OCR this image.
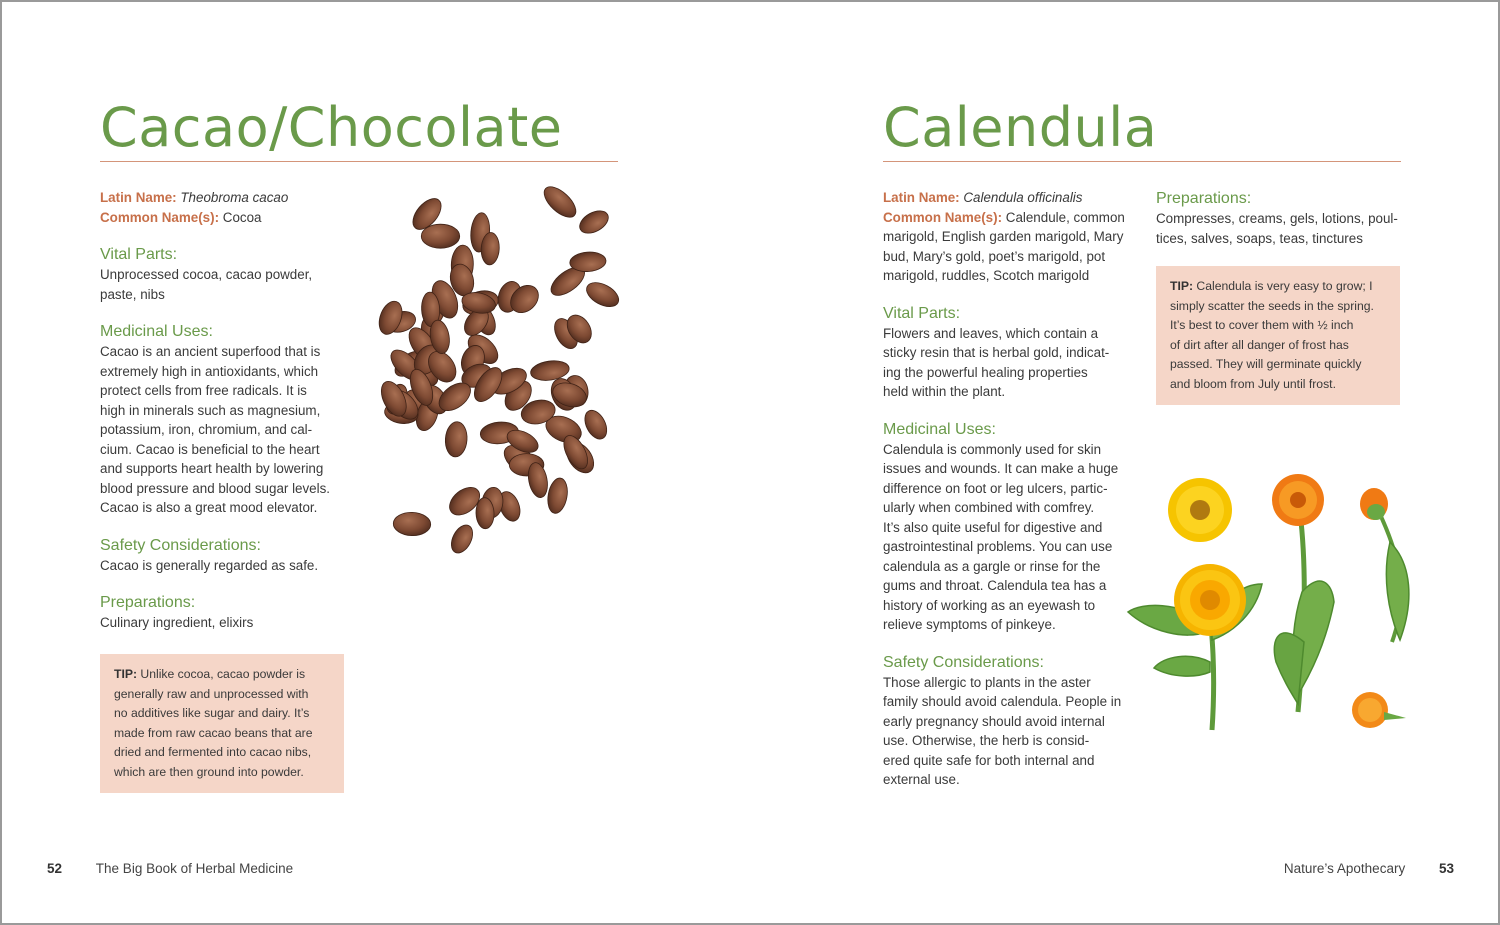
Cacao/Chocolate

Latin Name: Theobroma cacao

Common Name(s): Cocoa

Vital Parts:

Unprocessed cocoa, cacao powder,

paste, nibs

Medicinal Uses:

Cacao is an ancient superfood that is

extremely high in antioxidants, which

protect cells from free radicals. It is

high in minerals such as magnesium,

potassium, iron, chromium, and cal-

cium. Cacao is beneficial to the heart

and supports heart health by lowering

blood pressure and blood sugar levels.

Cacao is also a great mood elevator.

Safety Considerations:

Cacao is generally regarded as safe.

Preparations:

Culinary ingredient, elixirs

TIP: Unlike cocoa, cacao powder is
generally raw and unprocessed with
no additives like sugar and dairy. It’s
made from raw cacao beans that are
dried and fermented into cacao nibs,
which are then ground into powder.
Calendula

Latin Name: Calendula officinalis

Common Name(s): Calendule, common

marigold, English garden marigold, Mary

bud, Mary’s gold, poet’s marigold, pot

marigold, ruddles, Scotch marigold

Vital Parts:

Flowers and leaves, which contain a

sticky resin that is herbal gold, indicat-

ing the powerful healing properties

held within the plant.

Medicinal Uses:

Calendula is commonly used for skin

issues and wounds. It can make a huge

difference on foot or leg ulcers, partic-

ularly when combined with comfrey.

It’s also quite useful for digestive and

gastrointestinal problems. You can use

calendula as a gargle or rinse for the

gums and throat. Calendula tea has a

history of working as an eyewash to

relieve symptoms of pinkeye.

Safety Considerations:

Those allergic to plants in the aster

family should avoid calendula. People in

early pregnancy should avoid internal

use. Otherwise, the herb is consid-

ered quite safe for both internal and

external use.

Preparations:

Compresses, creams, gels, lotions, poul-

tices, salves, soaps, teas, tinctures

TIP: Calendula is very easy to grow; I
simply scatter the seeds in the spring.
It’s best to cover them with ½ inch
of dirt after all danger of frost has
passed. They will germinate quickly
and bloom from July until frost.
52	The Big Book of Herbal Medicine	Nature’s Apothecary	53
